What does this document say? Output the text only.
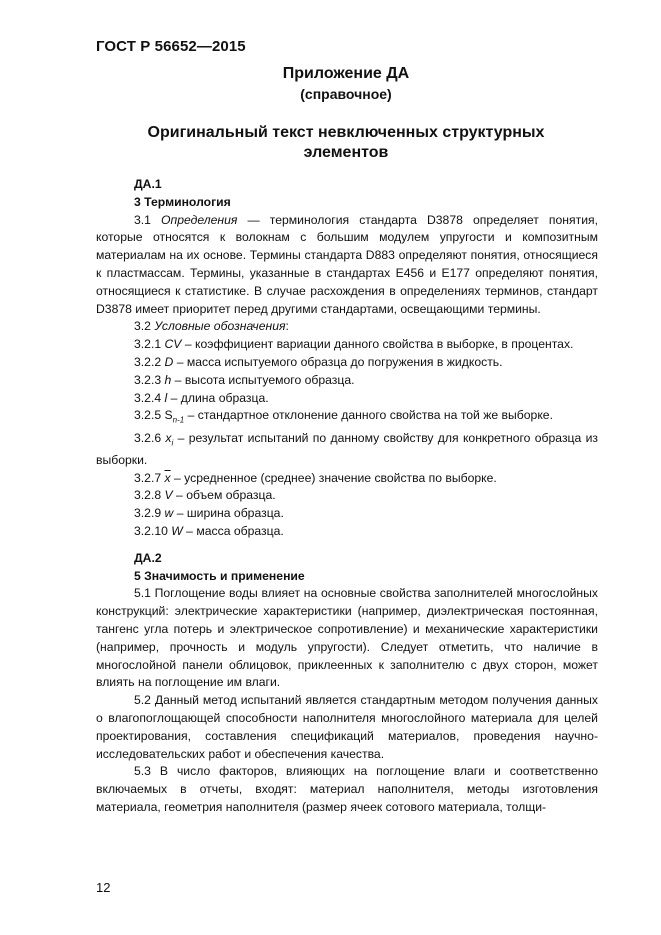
ГОСТ Р 56652—2015
Приложение ДА
(справочное)
Оригинальный текст невключенных структурных
элементов

ДА.1

3 Терминология

3.1 Определения — терминология стандарта D3878 определяет понятия, которые относятся к волокнам с большим модулем упругости и композитным материалам на их основе. Термины стандарта D883 определяют понятия, относящиеся к пластмассам. Термины, указанные в стандартах Е456 и Е177 определяют понятия, относящиеся к статистике. В случае расхождения в определениях терминов, стандарт D3878 имеет приоритет перед другими стандартами, освещающими термины.

3.2 Условные обозначения:

3.2.1 CV – коэффициент вариации данного свойства в выборке, в процентах.

3.2.2 D – масса испытуемого образца до погружения в жидкость.

3.2.3 h – высота испытуемого образца.

3.2.4 l – длина образца.

3.2.5 $S_{n-1}$ – стандартное отклонение данного свойства на той же выборке.

3.2.6 $x_i$ – результат испытаний по данному свойству для конкретного образца из выборки.

3.2.7 $\overline{x}$ – усредненное (среднее) значение свойства по выборке.

3.2.8 V – объем образца.

3.2.9 w – ширина образца.

3.2.10 W – масса образца.

ДА.2

5 Значимость и применение

5.1 Поглощение воды влияет на основные свойства заполнителей многослойных конструкций: электрические характеристики (например, диэлектрическая постоянная, тангенс угла потерь и электрическое сопротивление) и механические характеристики (например, прочность и модуль упругости). Следует отметить, что наличие в многослойной панели облицовок, приклеенных к заполнителю с двух сторон, может влиять на поглощение им влаги.

5.2 Данный метод испытаний является стандартным методом получения данных о влагопоглощающей способности наполнителя многослойного материала для целей проектирования, составления спецификаций материалов, проведения научно-исследовательских работ и обеспечения качества.

5.3 В число факторов, влияющих на поглощение влаги и соответственно включаемых в отчеты, входят: материал наполнителя, методы изготовления материала, геометрия наполнителя (размер ячеек сотового материала, толщи-

12
